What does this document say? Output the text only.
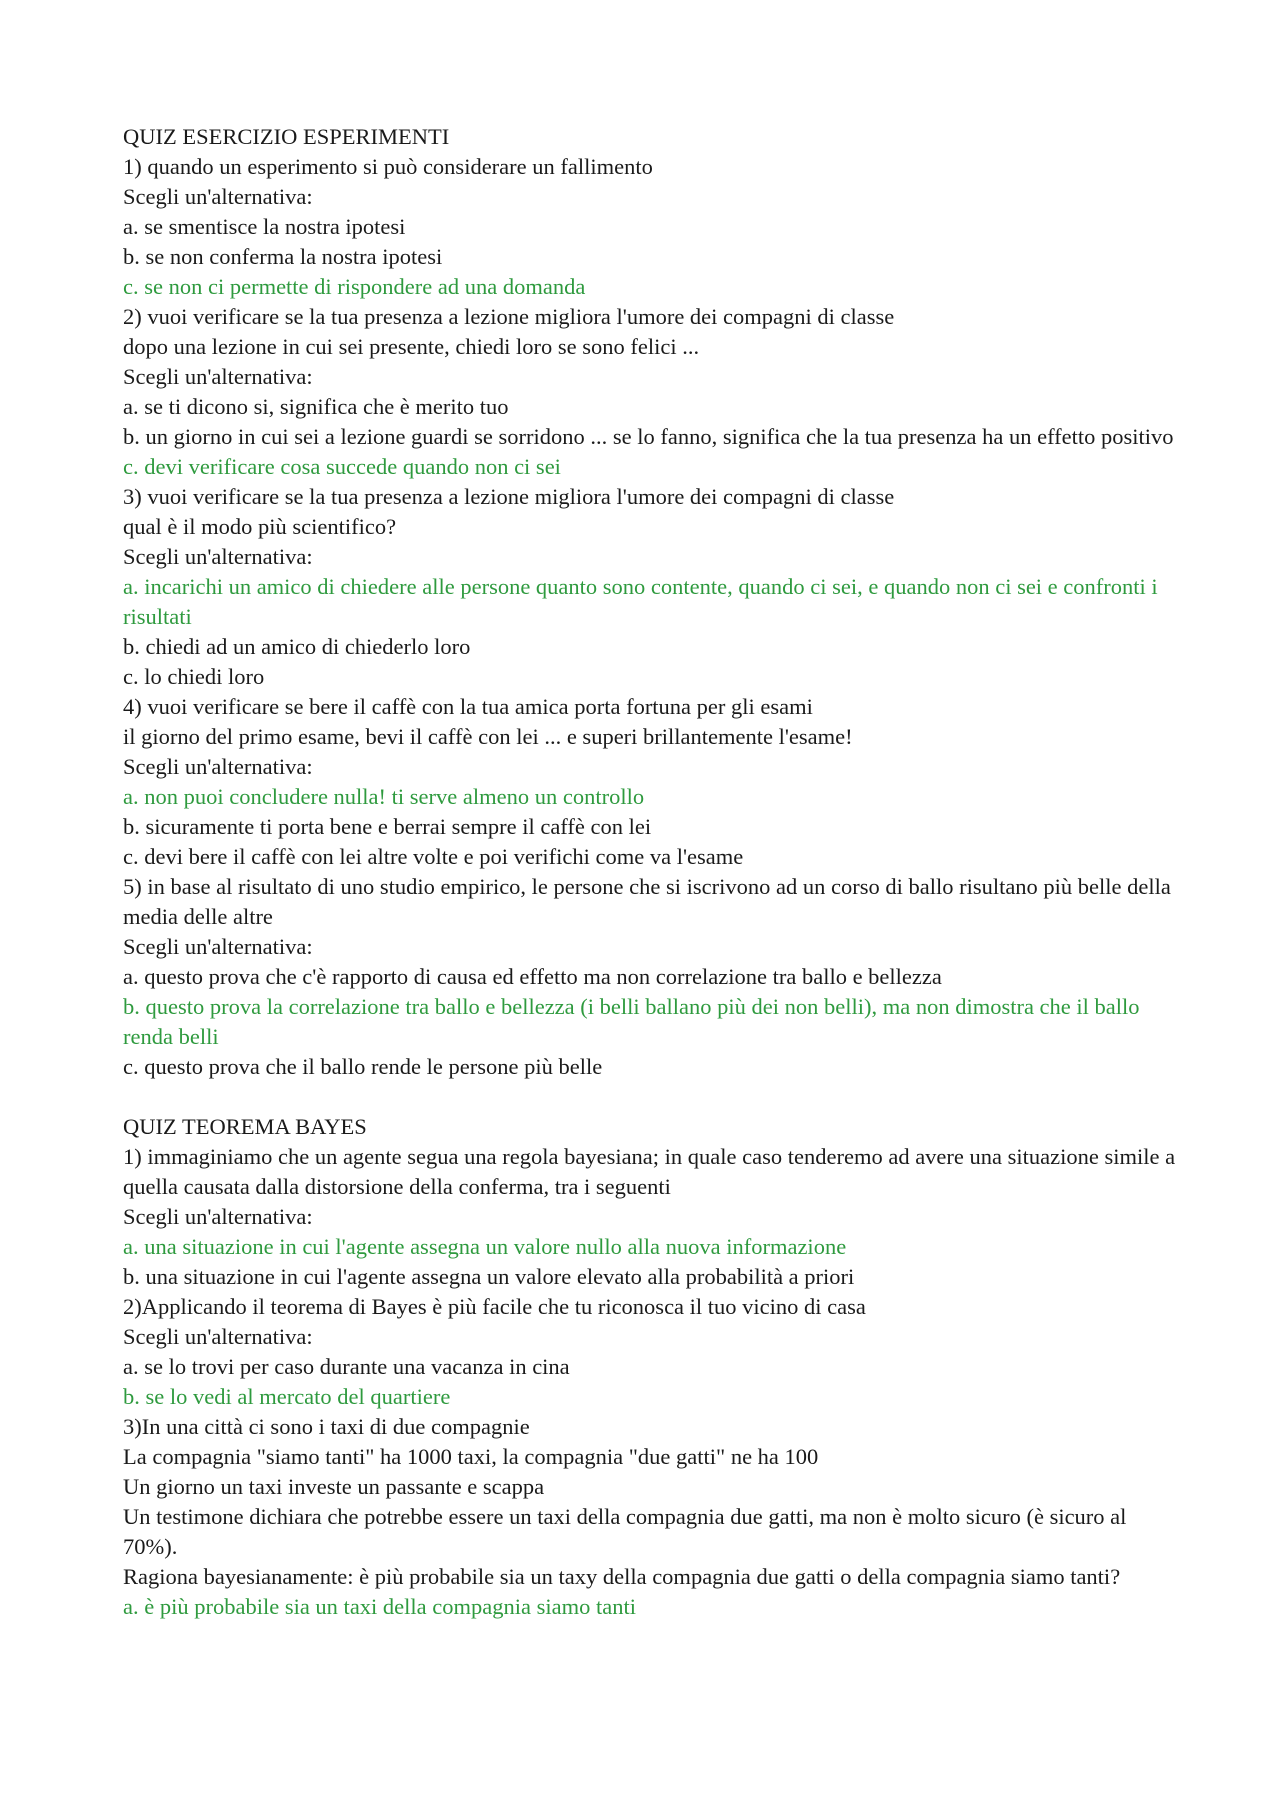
QUIZ ESERCIZIO ESPERIMENTI
1) quando un esperimento si può considerare un fallimento
Scegli un'alternativa:
a. se smentisce la nostra ipotesi
b. se non conferma la nostra ipotesi
c. se non ci permette di rispondere ad una domanda
2) vuoi verificare se la tua presenza a lezione migliora l'umore dei compagni di classe
dopo una lezione in cui sei presente, chiedi loro se sono felici ...
Scegli un'alternativa:
a. se ti dicono si, significa che è merito tuo
b. un giorno in cui sei a lezione guardi se sorridono ... se lo fanno, significa che la tua presenza ha un effetto positivo
c. devi verificare cosa succede quando non ci sei
3) vuoi verificare se la tua presenza a lezione migliora l'umore dei compagni di classe
qual è il modo più scientifico?
Scegli un'alternativa:
a. incarichi un amico di chiedere alle persone quanto sono contente, quando ci sei, e quando non ci sei e confronti i risultati
b. chiedi ad un amico di chiederlo loro
c. lo chiedi loro
4) vuoi verificare se bere il caffè con la tua amica porta fortuna per gli esami
il giorno del primo esame, bevi il caffè con lei ... e superi brillantemente l'esame!
Scegli un'alternativa:
a. non puoi concludere nulla! ti serve almeno un controllo
b. sicuramente ti porta bene e berrai sempre il caffè con lei
c. devi bere il caffè con lei altre volte e poi verifichi come va l'esame
5) in base al risultato di uno studio empirico, le persone che si iscrivono ad un corso di ballo risultano più belle della media delle altre
Scegli un'alternativa:
a. questo prova che c'è rapporto di causa ed effetto ma non correlazione tra ballo e bellezza
b. questo prova la correlazione tra ballo e bellezza (i belli ballano più dei non belli), ma non dimostra che il ballo renda belli
c. questo prova che il ballo rende le persone più belle
QUIZ TEOREMA BAYES
1) immaginiamo che un agente segua una regola bayesiana; in quale caso tenderemo ad avere una situazione simile a quella causata dalla distorsione della conferma, tra i seguenti
Scegli un'alternativa:
a. una situazione in cui l'agente assegna un valore nullo alla nuova informazione
b. una situazione in cui l'agente assegna un valore elevato alla probabilità a priori
2)Applicando il teorema di Bayes è più facile che tu riconosca il tuo vicino di casa
Scegli un'alternativa:
a. se lo trovi per caso durante una vacanza in cina
b. se lo vedi al mercato del quartiere
3)In una città ci sono i taxi di due compagnie
La compagnia "siamo tanti" ha 1000 taxi, la compagnia "due gatti" ne ha 100
Un giorno un taxi investe un passante e scappa
Un testimone dichiara che potrebbe essere un taxi della compagnia due gatti, ma non è molto sicuro (è sicuro al 70%).
Ragiona bayesianamente: è più probabile sia un taxy della compagnia due gatti o della compagnia siamo tanti?
a. è più probabile sia un taxi della compagnia siamo tanti
